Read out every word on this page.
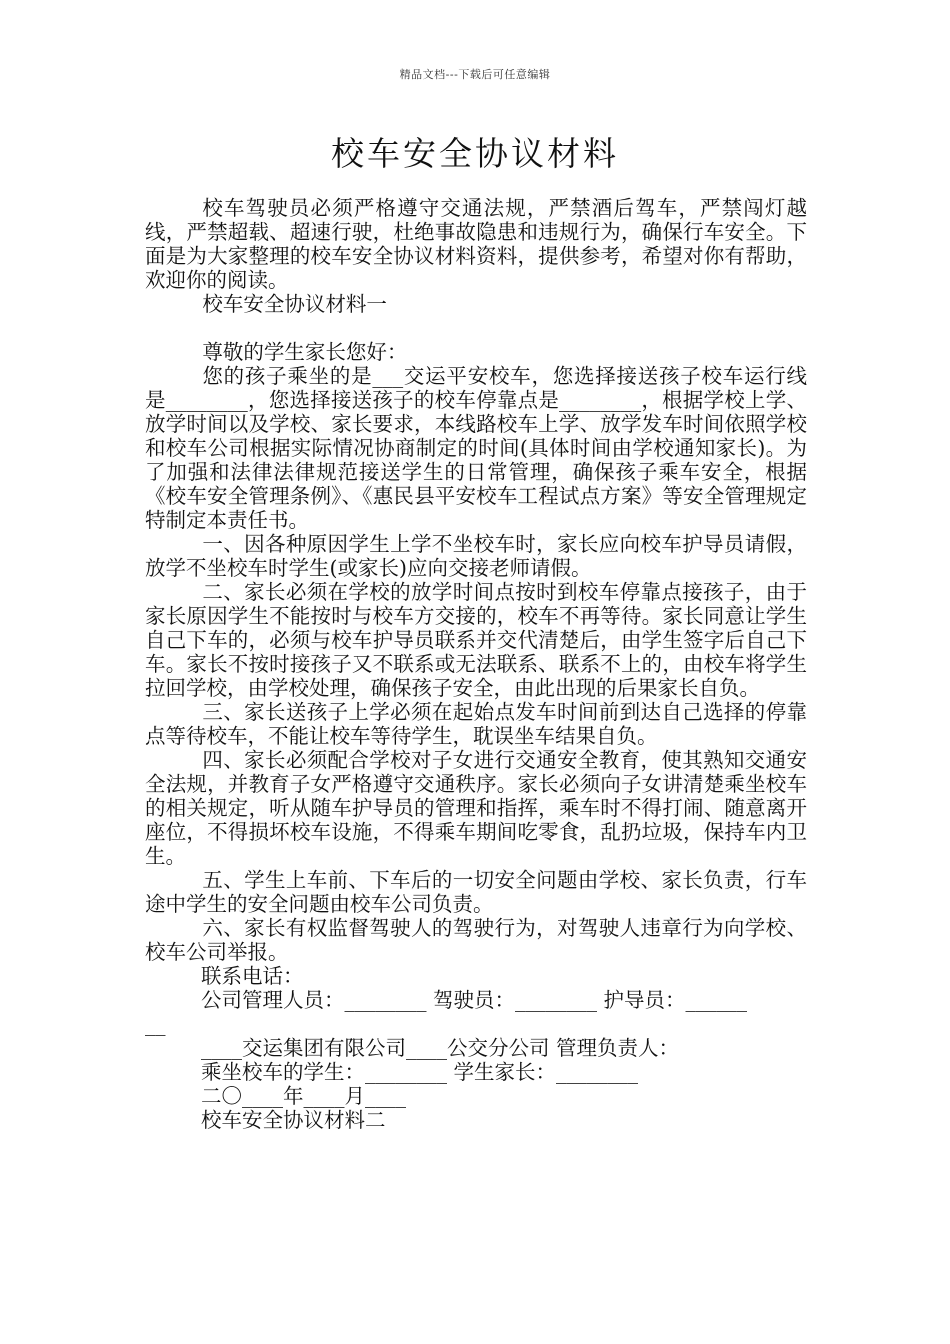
精品文档---下载后可任意编辑
校车安全协议材料

校车驾驶员必须严格遵守交通法规，严禁酒后驾车，严禁闯灯越线，严禁超载、超速行驶，杜绝事故隐患和违规行为，确保行车安全。下面是为大家整理的校车安全协议材料资料，提供参考，希望对你有帮助，欢迎你的阅读。

校车安全协议材料一

尊敬的学生家长您好：

您的孩子乘坐的是___交运平安校车，您选择接送孩子校车运行线是________，您选择接送孩子的校车停靠点是________，根据学校上学、放学时间以及学校、家长要求，本线路校车上学、放学发车时间依照学校和校车公司根据实际情况协商制定的时间(具体时间由学校通知家长)。为了加强和法律法律规范接送学生的日常管理，确保孩子乘车安全，根据《校车安全管理条例》、《惠民县平安校车工程试点方案》等安全管理规定特制定本责任书。

一、因各种原因学生上学不坐校车时，家长应向校车护导员请假，放学不坐校车时学生(或家长)应向交接老师请假。

二、家长必须在学校的放学时间点按时到校车停靠点接孩子，由于家长原因学生不能按时与校车方交接的，校车不再等待。家长同意让学生自己下车的，必须与校车护导员联系并交代清楚后，由学生签字后自己下车。家长不按时接孩子又不联系或无法联系、联系不上的，由校车将学生拉回学校，由学校处理，确保孩子安全，由此出现的后果家长自负。

三、家长送孩子上学必须在起始点发车时间前到达自己选择的停靠点等待校车，不能让校车等待学生，耽误坐车结果自负。

四、家长必须配合学校对子女进行交通安全教育，使其熟知交通安全法规，并教育子女严格遵守交通秩序。家长必须向子女讲清楚乘坐校车的相关规定，听从随车护导员的管理和指挥，乘车时不得打闹、随意离开座位，不得损坏校车设施，不得乘车期间吃零食，乱扔垃圾，保持车内卫生。

五、学生上车前、下车后的一切安全问题由学校、家长负责，行车途中学生的安全问题由校车公司负责。

六、家长有权监督驾驶人的驾驶行为，对驾驶人违章行为向学校、校车公司举报。

联系电话：

公司管理人员：________ 驾驶员：________ 护导员：______

__

____交运集团有限公司____公交分公司 管理负责人：

乘坐校车的学生：________ 学生家长：________

二〇____年____月____

校车安全协议材料二
